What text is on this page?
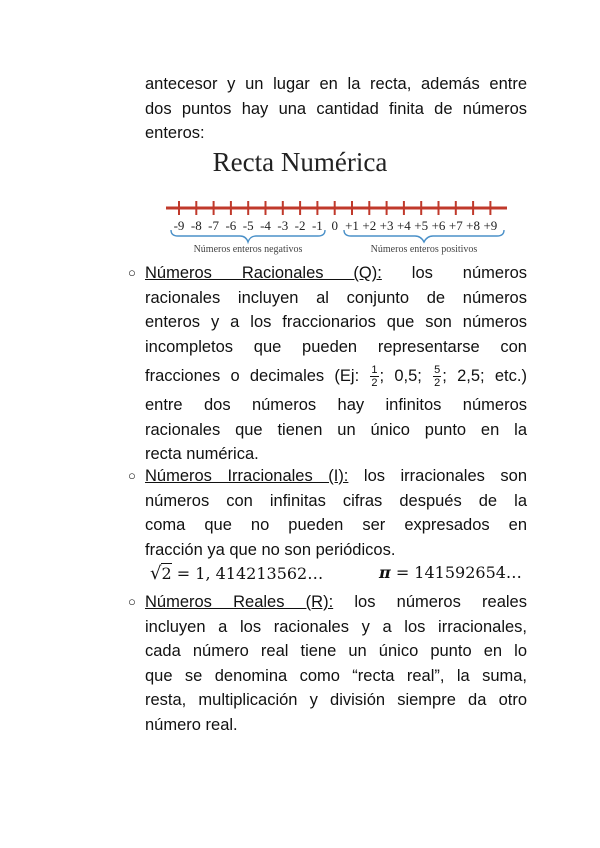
antecesor y un lugar en la recta, además entre
dos puntos hay una cantidad finita de números
enteros:
Recta Numérica
-9 -8 -7 -6 -5 -4 -3 -2 -1 0 +1 +2 +3 +4 +5 +6 +7 +8 +9
Números enteros negativos	Números enteros positivos
○ Números Racionales (Q): los números
racionales incluyen al conjunto de números
enteros y a los fraccionarios que son números
incompletos que pueden representarse con
fracciones o decimales (Ej: $\frac{1}{2}$ ; 0,5; $\frac{5}{2}$ ; 2,5; etc.)
entre dos números hay infinitos números
racionales que tienen un único punto en la
recta numérica.
○ Números Irracionales (I): los irracionales son
números con infinitas cifras después de la
coma que no pueden ser expresados en
fracción ya que no son periódicos.
√2 = 1, 414213562…	π = 141592654…
○ Números Reales (R): los números reales
incluyen a los racionales y a los irracionales,
cada número real tiene un único punto en lo
que se denomina como “recta real”, la suma,
resta, multiplicación y división siempre da otro
número real.
